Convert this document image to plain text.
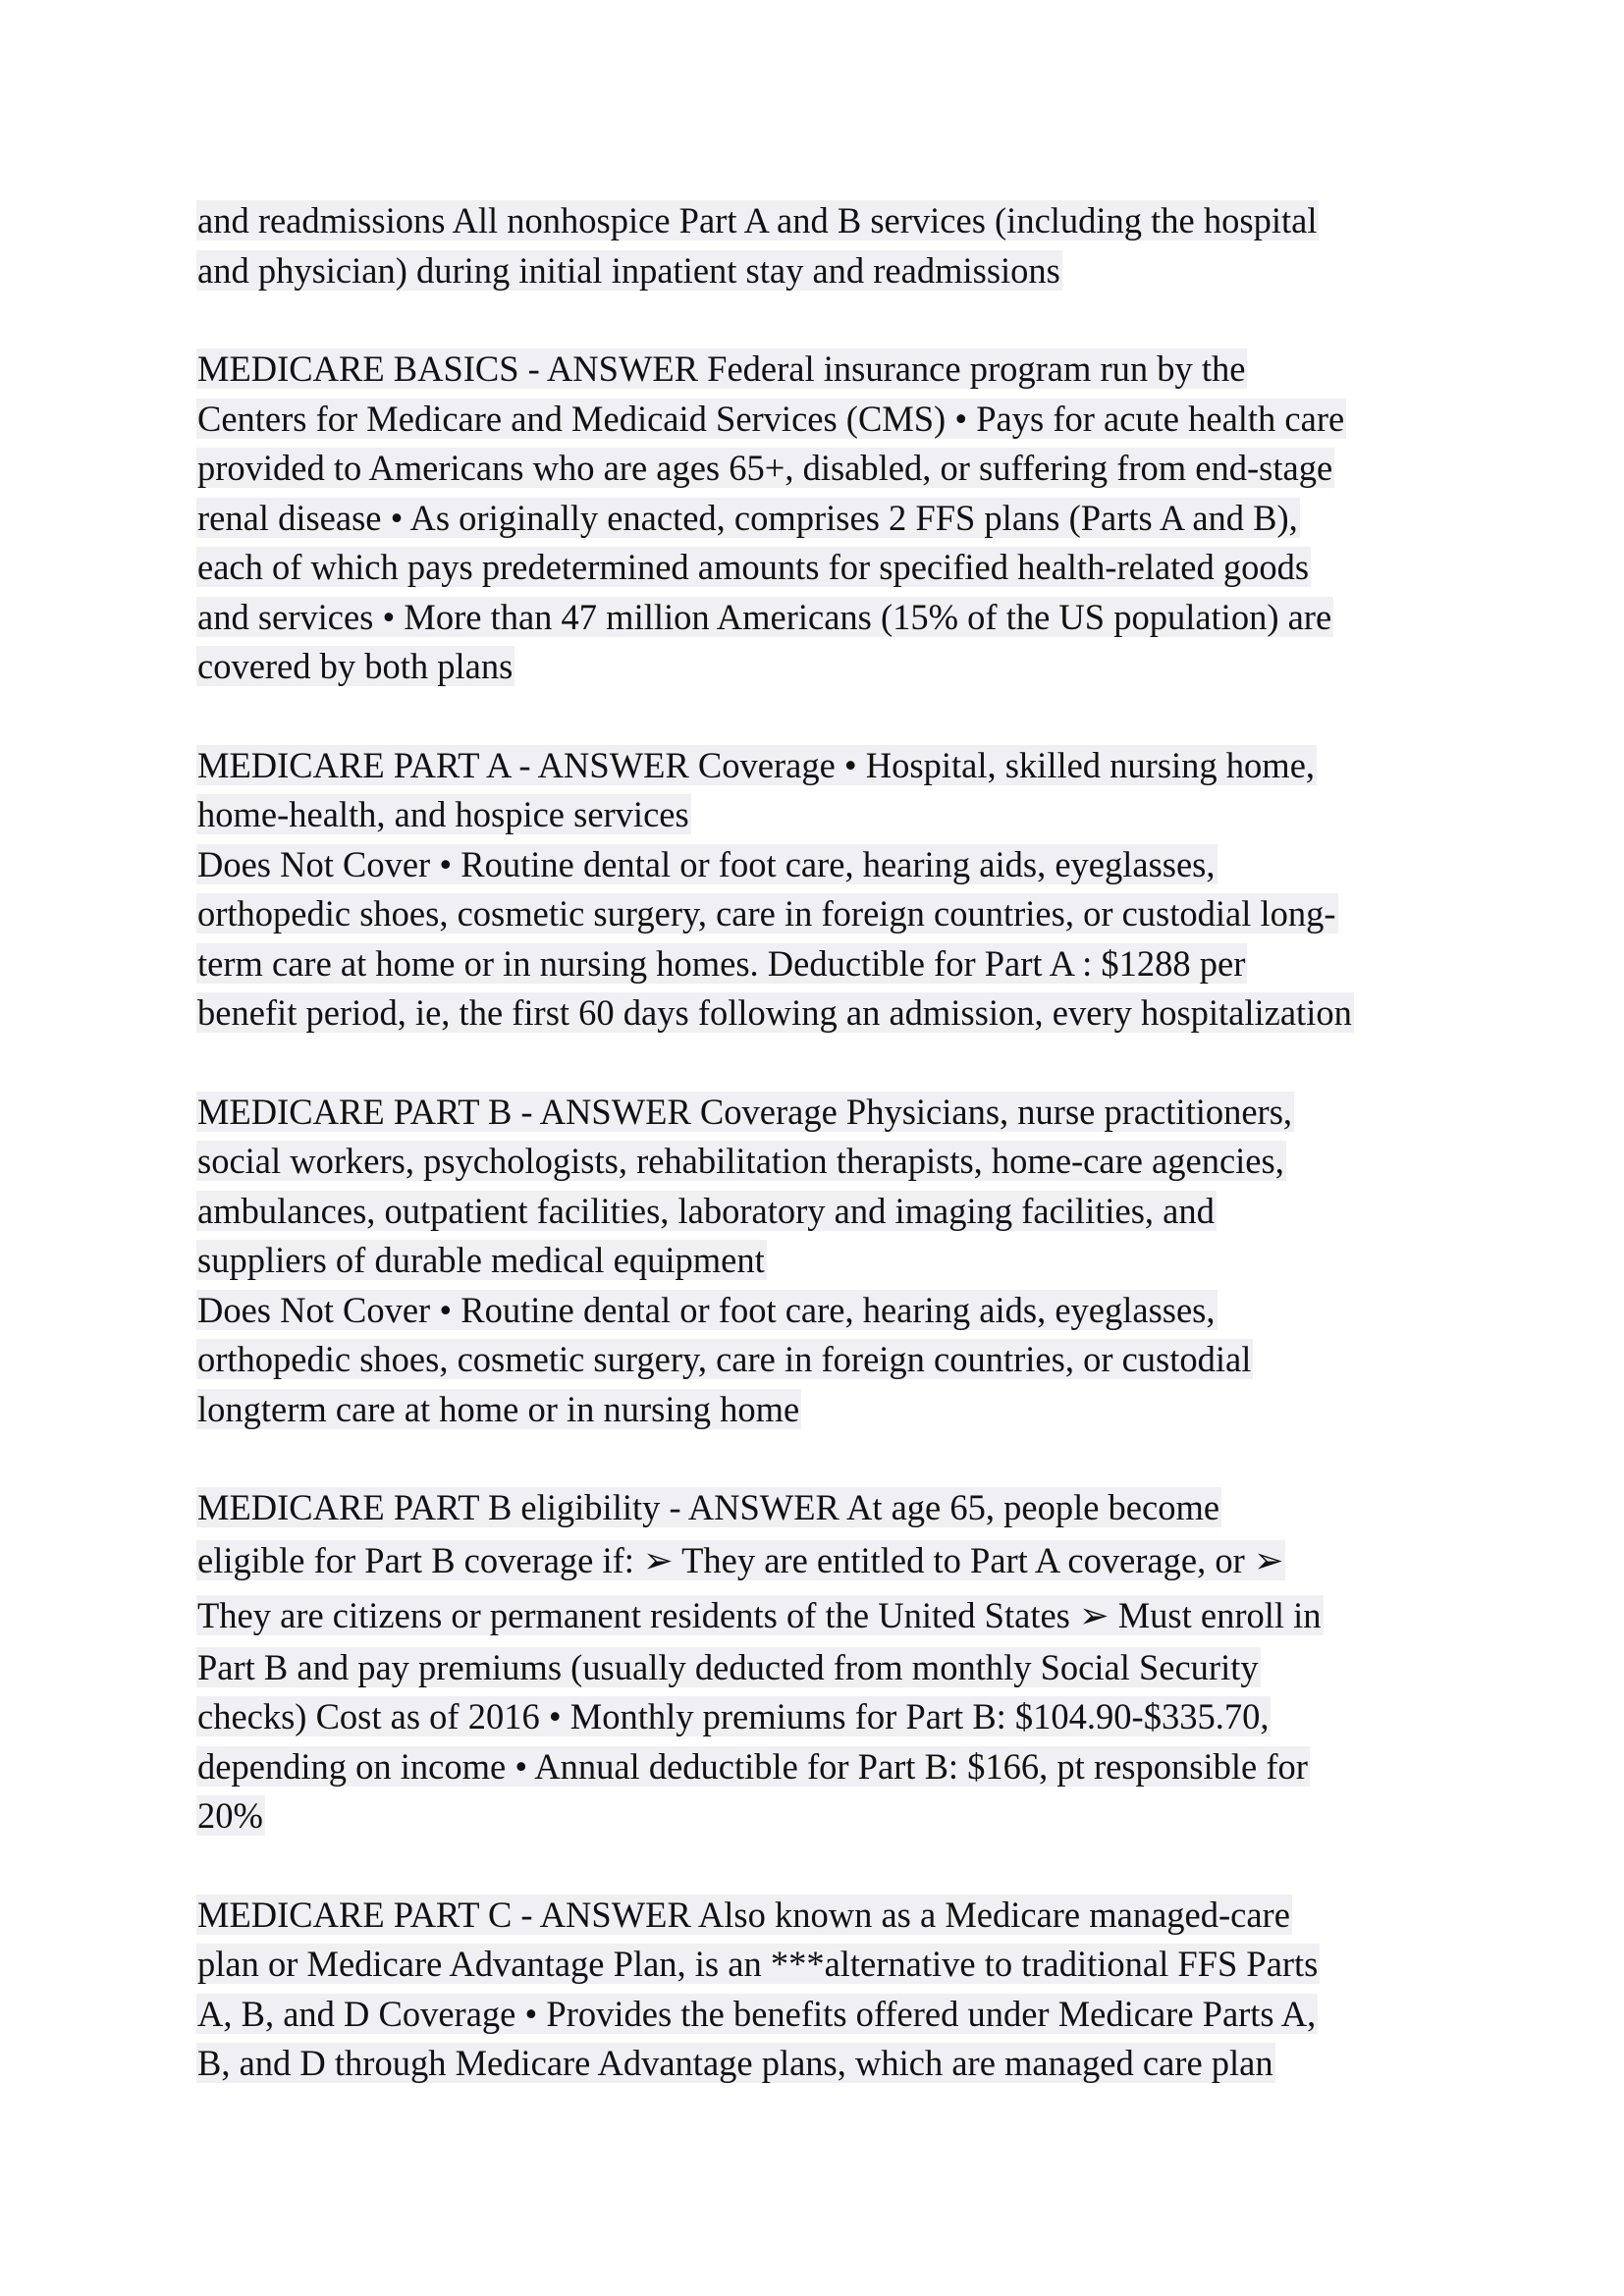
and readmissions All nonhospice Part A and B services (including the hospital
and physician) during initial inpatient stay and readmissions
MEDICARE BASICS - ANSWER Federal insurance program run by the
Centers for Medicare and Medicaid Services (CMS) • Pays for acute health care
provided to Americans who are ages 65+, disabled, or suffering from end-stage
renal disease • As originally enacted, comprises 2 FFS plans (Parts A and B),
each of which pays predetermined amounts for specified health-related goods
and services • More than 47 million Americans (15% of the US population) are
covered by both plans
MEDICARE PART A - ANSWER Coverage • Hospital, skilled nursing home,
home-health, and hospice services
Does Not Cover • Routine dental or foot care, hearing aids, eyeglasses,
orthopedic shoes, cosmetic surgery, care in foreign countries, or custodial long-
term care at home or in nursing homes. Deductible for Part A : $1288 per
benefit period, ie, the first 60 days following an admission, every hospitalization
MEDICARE PART B - ANSWER Coverage Physicians, nurse practitioners,
social workers, psychologists, rehabilitation therapists, home-care agencies,
ambulances, outpatient facilities, laboratory and imaging facilities, and
suppliers of durable medical equipment
Does Not Cover • Routine dental or foot care, hearing aids, eyeglasses,
orthopedic shoes, cosmetic surgery, care in foreign countries, or custodial
longterm care at home or in nursing home
MEDICARE PART B eligibility - ANSWER At age 65, people become
eligible for Part B coverage if: ➢ They are entitled to Part A coverage, or ➢
They are citizens or permanent residents of the United States ➢ Must enroll in
Part B and pay premiums (usually deducted from monthly Social Security
checks) Cost as of 2016 • Monthly premiums for Part B: $104.90-$335.70,
depending on income • Annual deductible for Part B: $166, pt responsible for
20%
MEDICARE PART C - ANSWER Also known as a Medicare managed-care
plan or Medicare Advantage Plan, is an ***alternative to traditional FFS Parts
A, B, and D Coverage • Provides the benefits offered under Medicare Parts A,
B, and D through Medicare Advantage plans, which are managed care plan
